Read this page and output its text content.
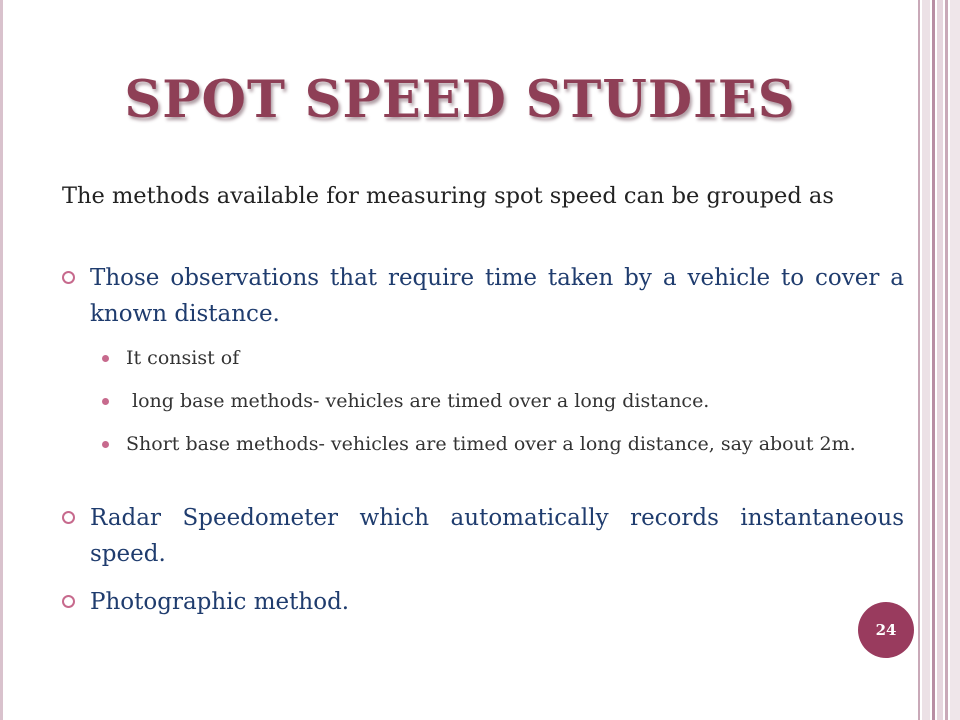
SPOT SPEED STUDIES
The methods available for measuring spot speed can be grouped as
Those observations that require time taken by a vehicle to cover a known distance.
It consist of
long base methods- vehicles are timed over a long distance.
Short base methods- vehicles are timed over a long distance, say about 2m.
Radar Speedometer which automatically records instantaneous speed.
Photographic method.
24
